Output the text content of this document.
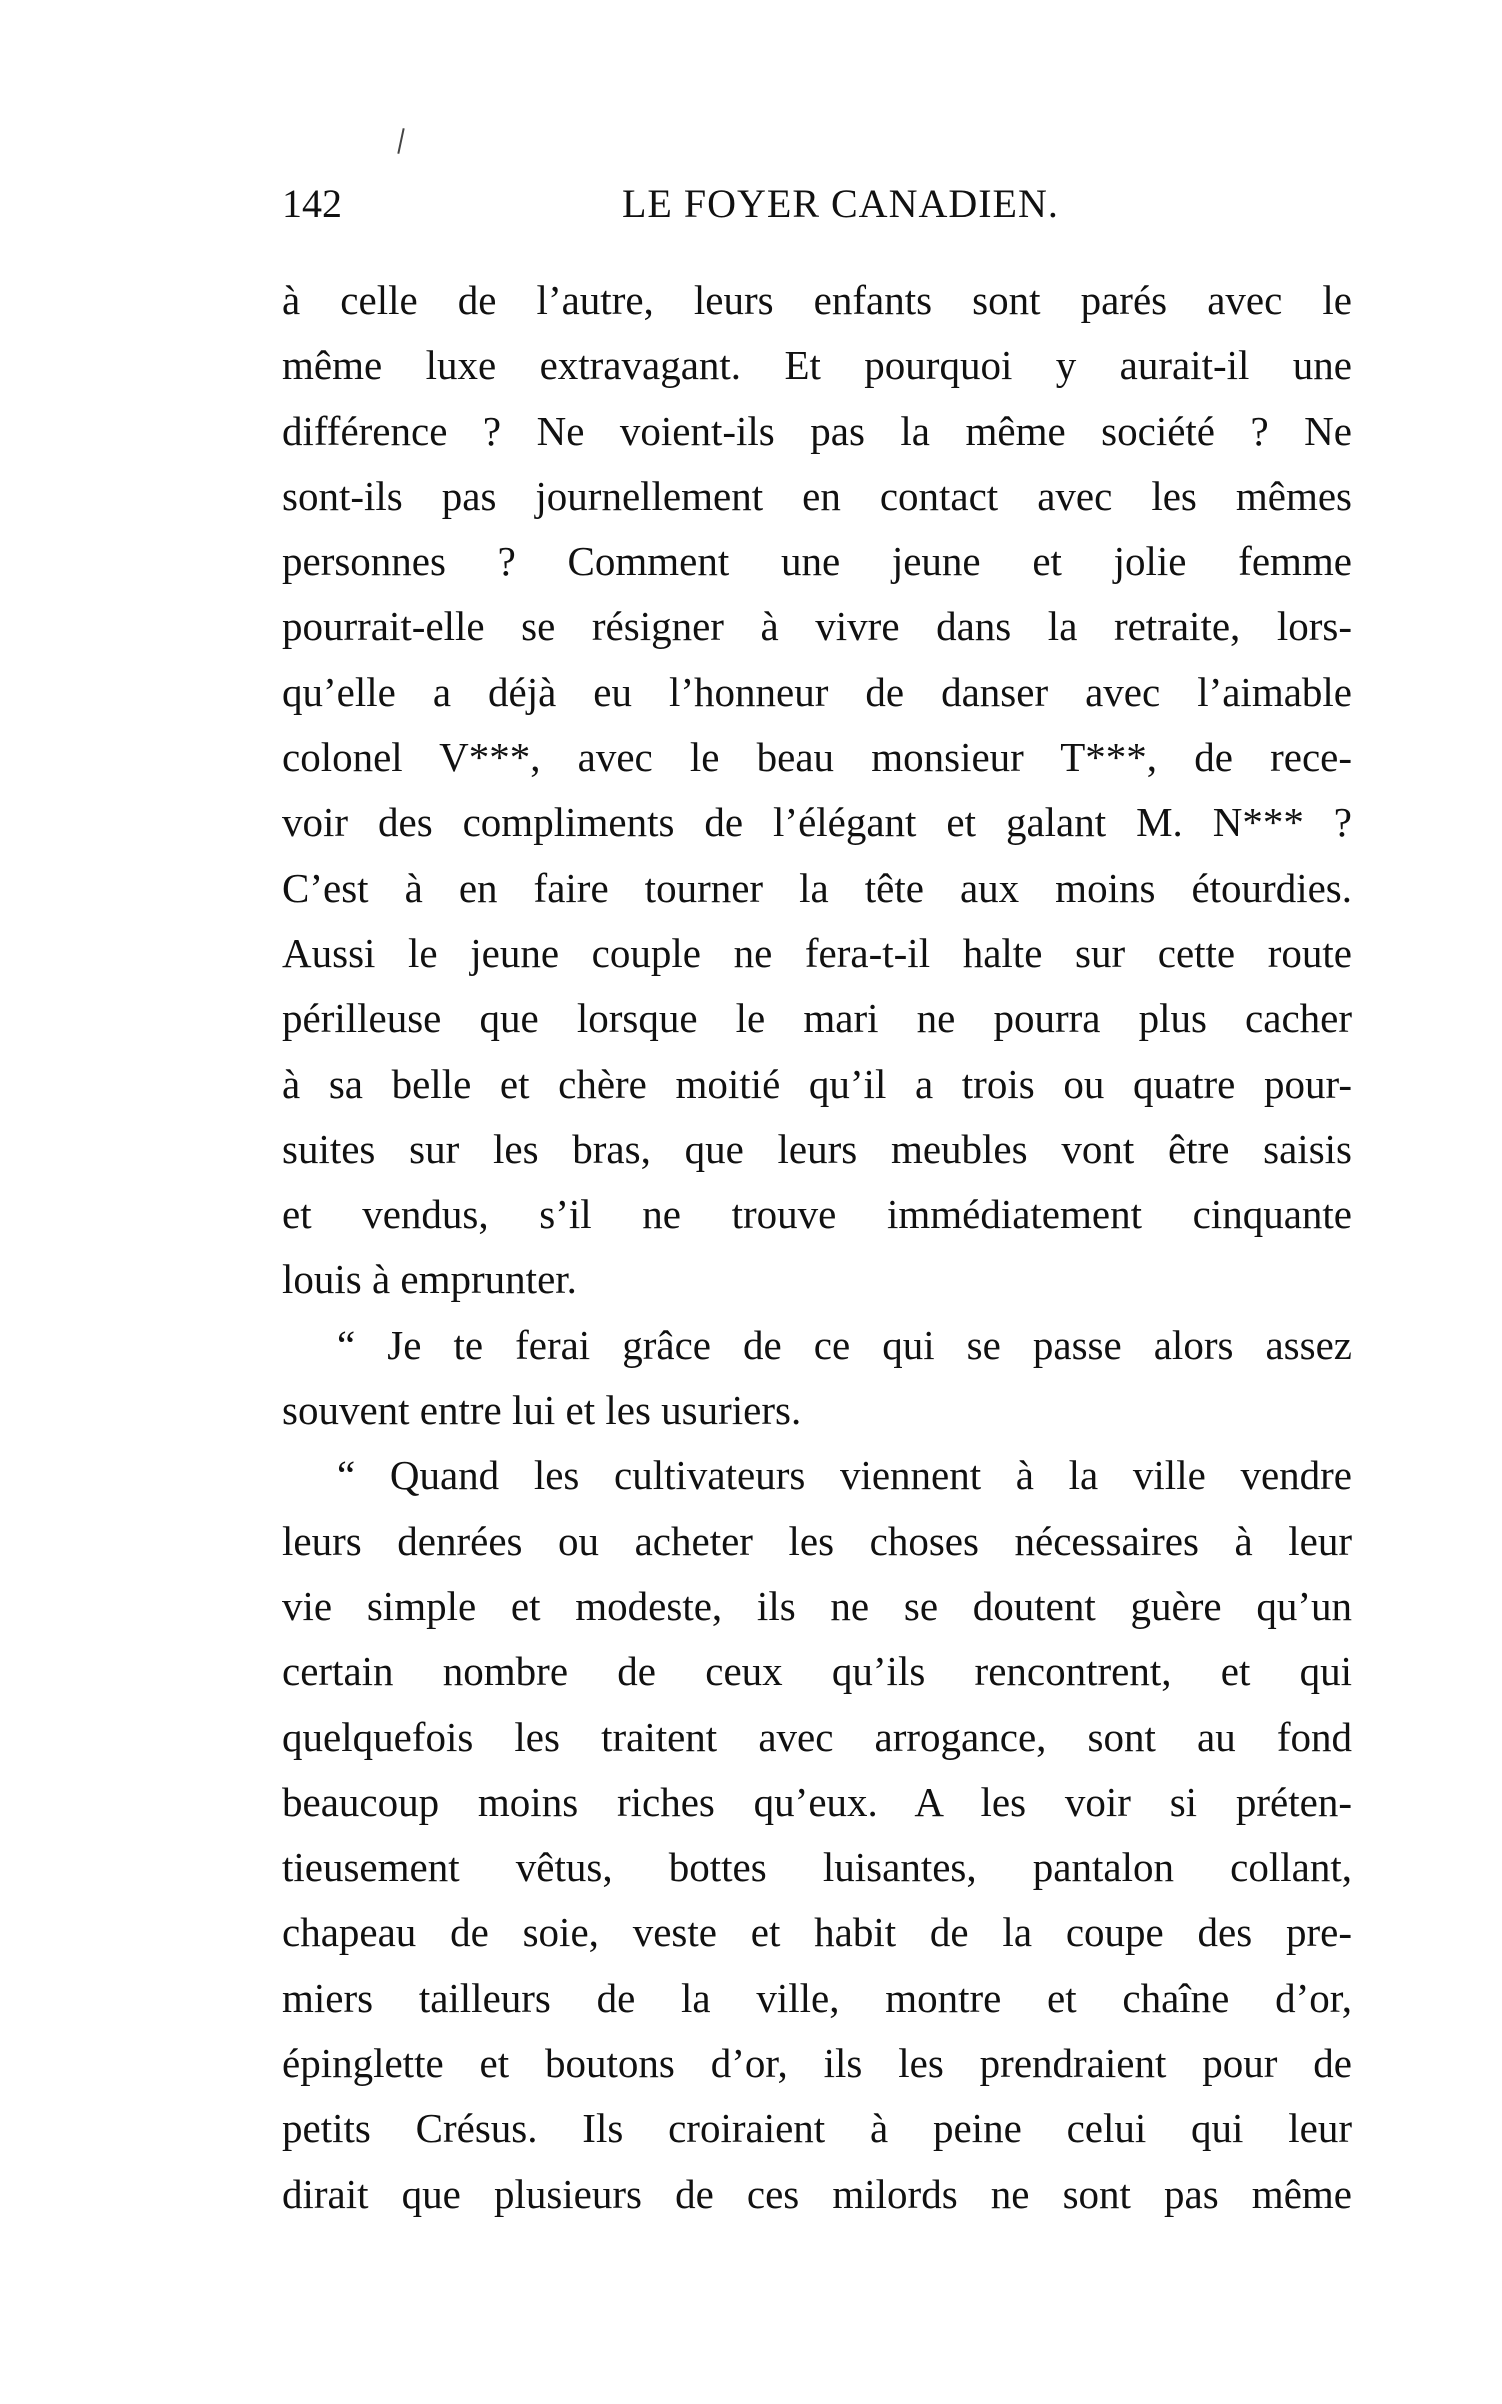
142	LE FOYER CANADIEN.
à celle de l’autre, leurs enfants sont parés avec le
même luxe extravagant. Et pourquoi y aurait-il une
différence ? Ne voient-ils pas la même société ? Ne
sont-ils pas journellement en contact avec les mêmes
personnes ? Comment une jeune et jolie femme
pourrait-elle se résigner à vivre dans la retraite, lors-
qu’elle a déjà eu l’honneur de danser avec l’aimable
colonel V***, avec le beau monsieur T***, de rece-
voir des compliments de l’élégant et galant M. N*** ?
C’est à en faire tourner la tête aux moins étourdies.
Aussi le jeune couple ne fera-t-il halte sur cette route
périlleuse que lorsque le mari ne pourra plus cacher
à sa belle et chère moitié qu’il a trois ou quatre pour-
suites sur les bras, que leurs meubles vont être saisis
et vendus, s’il ne trouve immédiatement cinquante
louis à emprunter.
“ Je te ferai grâce de ce qui se passe alors assez
souvent entre lui et les usuriers.
“ Quand les cultivateurs viennent à la ville vendre
leurs denrées ou acheter les choses nécessaires à leur
vie simple et modeste, ils ne se doutent guère qu’un
certain nombre de ceux qu’ils rencontrent, et qui
quelquefois les traitent avec arrogance, sont au fond
beaucoup moins riches qu’eux. A les voir si préten-
tieusement vêtus, bottes luisantes, pantalon collant,
chapeau de soie, veste et habit de la coupe des pre-
miers tailleurs de la ville, montre et chaîne d’or,
épinglette et boutons d’or, ils les prendraient pour de
petits Crésus. Ils croiraient à peine celui qui leur
dirait que plusieurs de ces milords ne sont pas même
